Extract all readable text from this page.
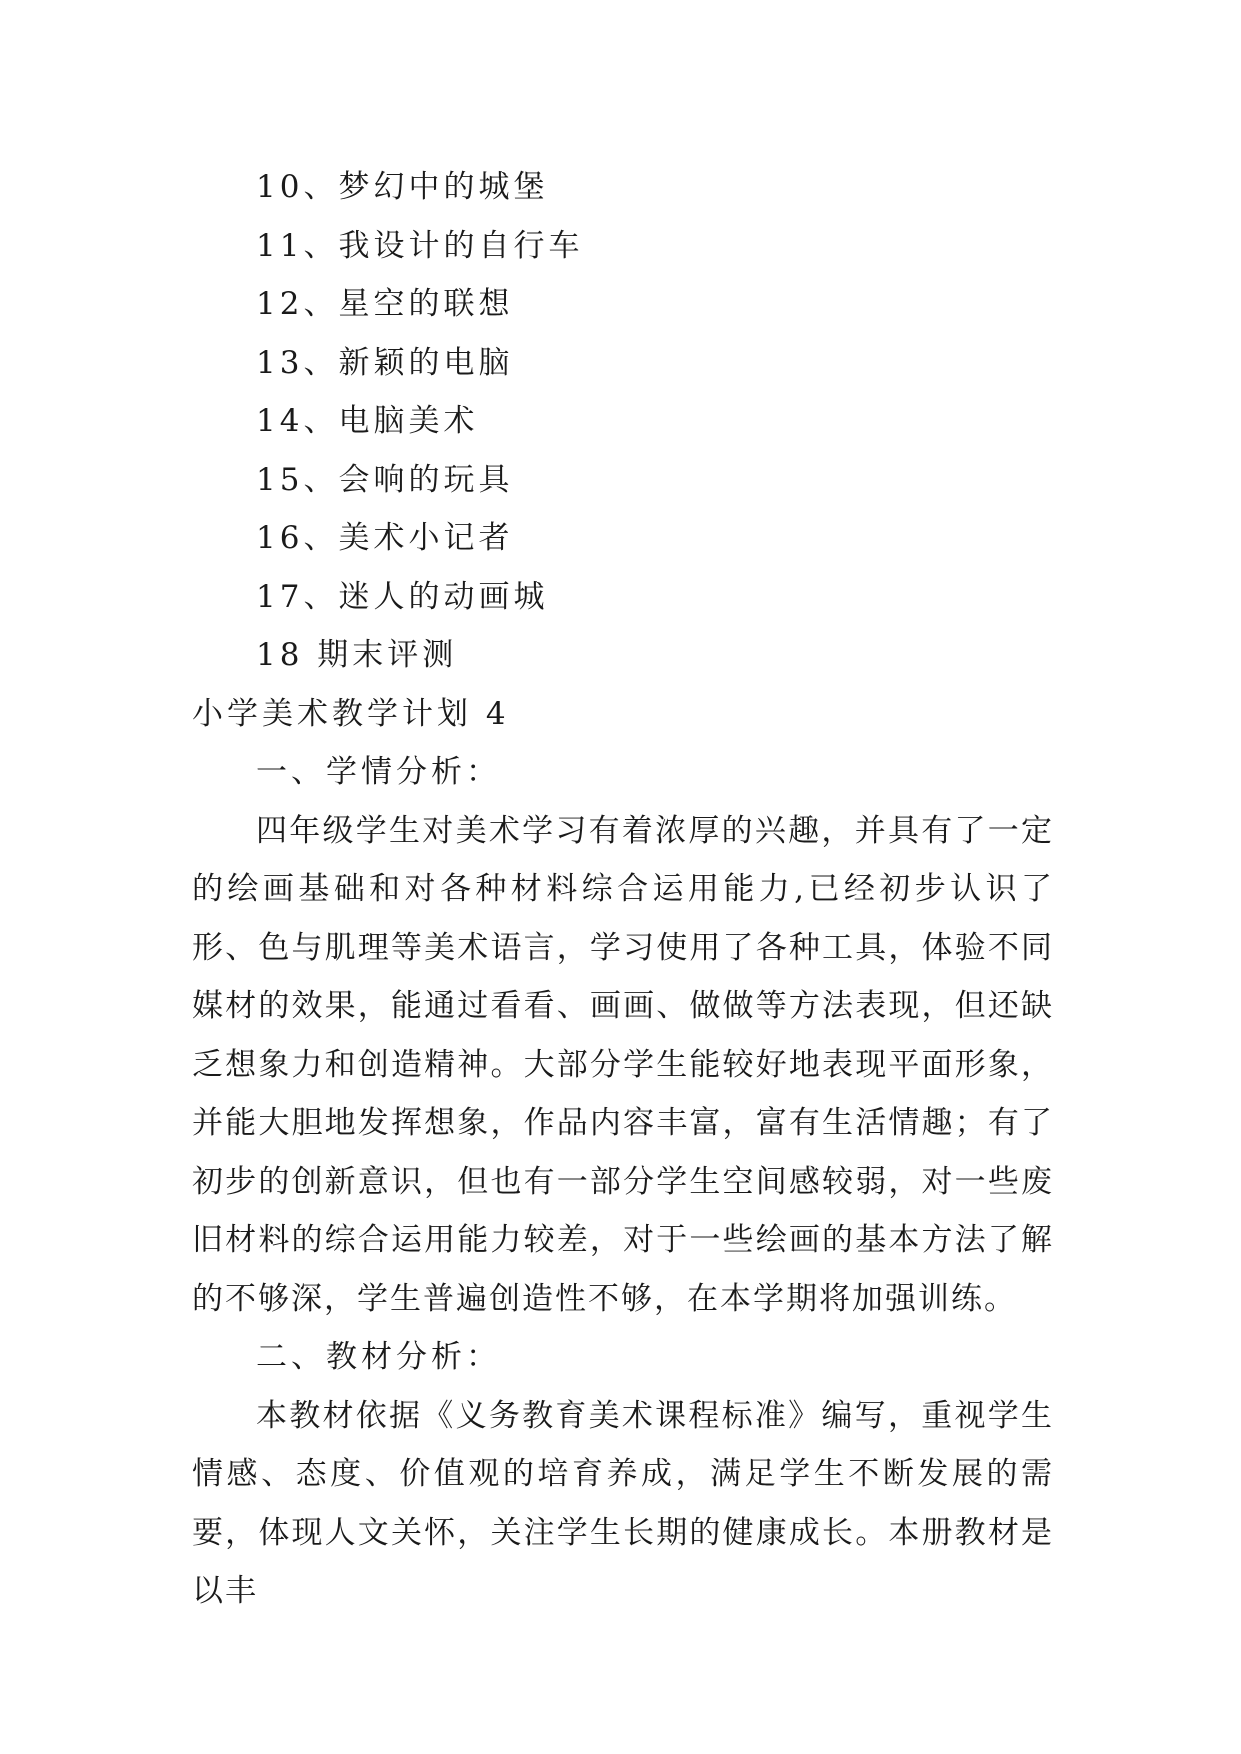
10、梦幻中的城堡
11、我设计的自行车
12、星空的联想
13、新颖的电脑
14、电脑美术
15、会响的玩具
16、美术小记者
17、迷人的动画城
18 期末评测
小学美术教学计划 4
一、学情分析：

四年级学生对美术学习有着浓厚的兴趣，并具有了一定的绘画基础和对各种材料综合运用能力,已经初步认识了形、色与肌理等美术语言，学习使用了各种工具，体验不同媒材的效果，能通过看看、画画、做做等方法表现，但还缺乏想象力和创造精神。大部分学生能较好地表现平面形象，并能大胆地发挥想象，作品内容丰富，富有生活情趣；有了初步的创新意识，但也有一部分学生空间感较弱，对一些废旧材料的综合运用能力较差，对于一些绘画的基本方法了解的不够深，学生普遍创造性不够，在本学期将加强训练。

二、教材分析：

本教材依据《义务教育美术课程标准》编写，重视学生情感、态度、价值观的培育养成，满足学生不断发展的需要，体现人文关怀，关注学生长期的健康成长。本册教材是以丰
